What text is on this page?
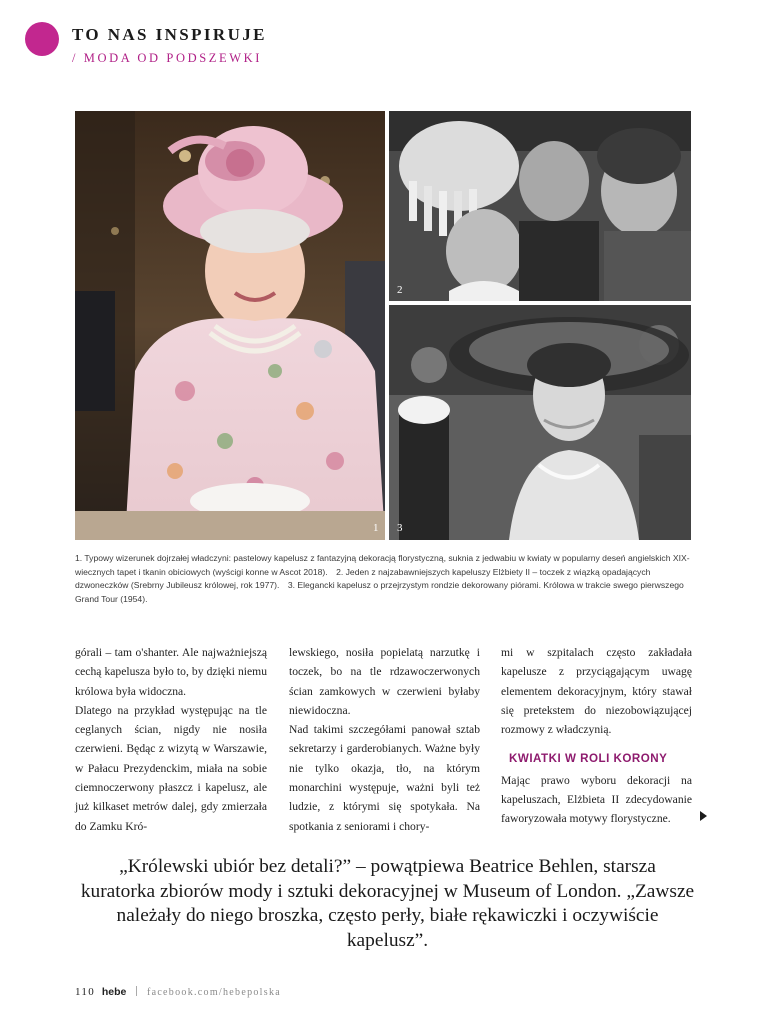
TO NAS INSPIRUJE
/ MODA OD PODSZEWKI
1
2
3
1. Typowy wizerunek dojrzałej władczyni: pastelowy kapelusz z fantazyjną dekoracją florystyczną, suknia z jedwabiu w kwiaty w popularny deseń angielskich XIX-wiecznych tapet i tkanin obiciowych (wyścigi konne w Ascot 2018). 2. Jeden z najzabawniejszych kapeluszy Elżbiety II – toczek z wiązką opadających dzwoneczków (Srebrny Jubileusz królowej, rok 1977). 3. Elegancki kapelusz o przejrzystym rondzie dekorowany piórami. Królowa w trakcie swego pierwszego Grand Tour (1954).

górali – tam o'shanter. Ale najważniejszą cechą kapelusza było to, by dzięki niemu królowa była widoczna.

Dlatego na przykład występując na tle ceglanych ścian, nigdy nie nosiła czerwieni. Będąc z wizytą w Warszawie, w Pałacu Prezydenckim, miała na sobie ciemnoczerwony płaszcz i kapelusz, ale już kilkaset metrów dalej, gdy zmierzała do Zamku Kró-

lewskiego, nosiła popielatą narzutkę i toczek, bo na tle rdzawoczerwonych ścian zamkowych w czerwieni byłaby niewidoczna.

Nad takimi szczegółami panował sztab sekretarzy i garderobianych. Ważne były nie tylko okazja, tło, na którym monarchini występuje, ważni byli też ludzie, z którymi się spotykała. Na spotkania z seniorami i chory-

mi w szpitalach często zakładała kapelusze z przyciągającym uwagę elementem dekoracyjnym, który stawał się pretekstem do niezobowiązującej rozmowy z władczynią.

KWIATKI W ROLI KORONY

Mając prawo wyboru dekoracji na kapeluszach, Elżbieta II zdecydowanie faworyzowała motywy florystyczne.

„Królewski ubiór bez detali?” – powątpiewa Beatrice Behlen, starsza kuratorka zbiorów mody i sztuki dekoracyjnej w Museum of London. „Zawsze należały do niego broszka, często perły, białe rękawiczki i oczywiście kapelusz”.
110 hebe facebook.com/hebepolska
